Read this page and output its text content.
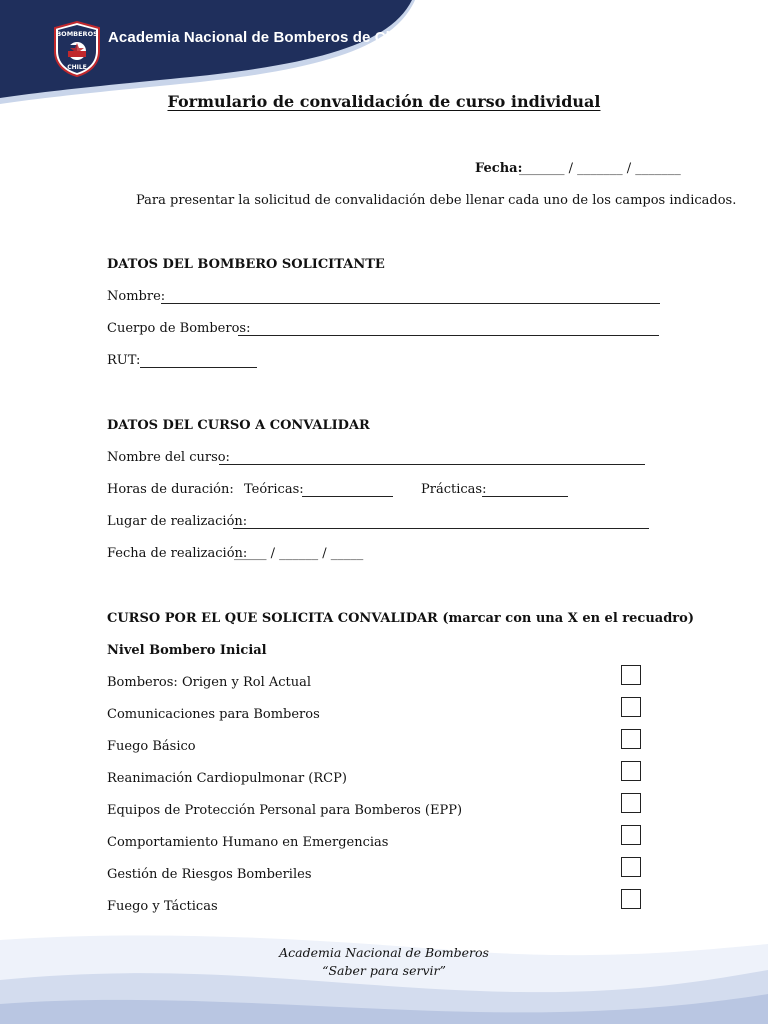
BOMBEROS
CHILE
Academia Nacional de Bomberos de Chile
Formulario de convalidación de curso individual
Fecha:
_______ / _______ / _______
Para presentar la solicitud de convalidación debe llenar cada uno de los campos indicados.
DATOS DEL BOMBERO SOLICITANTE
Nombre:
Cuerpo de Bomberos:
RUT:
DATOS DEL CURSO A CONVALIDAR
Nombre del curso:
Horas de duración: Teóricas:	Prácticas:
Lugar de realización:
Fecha de realización:
_____ / ______ / _____
CURSO POR EL QUE SOLICITA CONVALIDAR (marcar con una X en el recuadro)
Nivel Bombero Inicial
Bomberos: Origen y Rol Actual
Comunicaciones para Bomberos
Fuego Básico
Reanimación Cardiopulmonar (RCP)
Equipos de Protección Personal para Bomberos (EPP)
Comportamiento Humano en Emergencias
Gestión de Riesgos Bomberiles
Fuego y Tácticas
Academia Nacional de Bomberos
“Saber para servir”
